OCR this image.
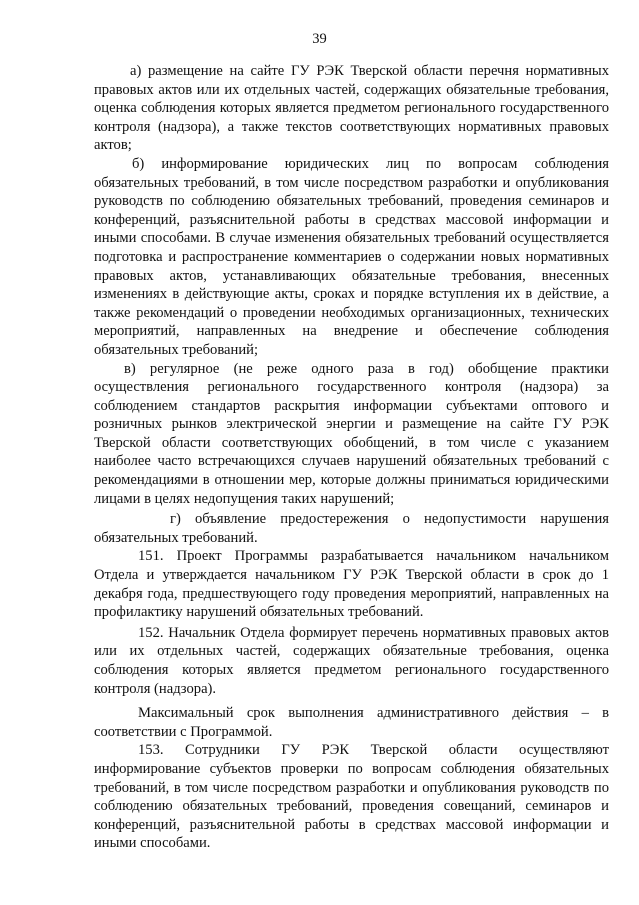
39

а) размещение на сайте ГУ РЭК Тверской области перечня нормативных правовых актов или их отдельных частей, содержащих обязательные требования, оценка соблюдения которых является предметом регионального государственного контроля (надзора), а также текстов соответствующих нормативных правовых актов;

б) информирование юридических лиц по вопросам соблюдения обязательных требований, в том числе посредством разработки и опубликования руководств по соблюдению обязательных требований, проведения семинаров и конференций, разъяснительной работы в средствах массовой информации и иными способами. В случае изменения обязательных требований осуществляется подготовка и распространение комментариев о содержании новых нормативных правовых актов, устанавливающих обязательные требования, внесенных изменениях в действующие акты, сроках и порядке вступления их в действие, а также рекомендаций о проведении необходимых организационных, технических мероприятий, направленных на внедрение и обеспечение соблюдения обязательных требований;

в) регулярное (не реже одного раза в год) обобщение практики осуществления регионального государственного контроля (надзора) за соблюдением стандартов раскрытия информации субъектами оптового и розничных рынков электрической энергии и размещение на сайте ГУ РЭК Тверской области соответствующих обобщений, в том числе с указанием наиболее часто встречающихся случаев нарушений обязательных требований с рекомендациями в отношении мер, которые должны приниматься юридическими лицами в целях недопущения таких нарушений;

г) объявление предостережения о недопустимости нарушения обязательных требований.

151. Проект Программы разрабатывается начальником начальником Отдела и утверждается начальником ГУ РЭК Тверской области в срок до 1 декабря года, предшествующего году проведения мероприятий, направленных на профилактику нарушений обязательных требований.

152. Начальник Отдела формирует перечень нормативных правовых актов или их отдельных частей, содержащих обязательные требования, оценка соблюдения которых является предметом регионального государственного контроля (надзора).

Максимальный срок выполнения административного действия – в соответствии с Программой.

153. Сотрудники ГУ РЭК Тверской области осуществляют информирование субъектов проверки по вопросам соблюдения обязательных требований, в том числе посредством разработки и опубликования руководств по соблюдению обязательных требований, проведения совещаний, семинаров и конференций, разъяснительной работы в средствах массовой информации и иными способами.
